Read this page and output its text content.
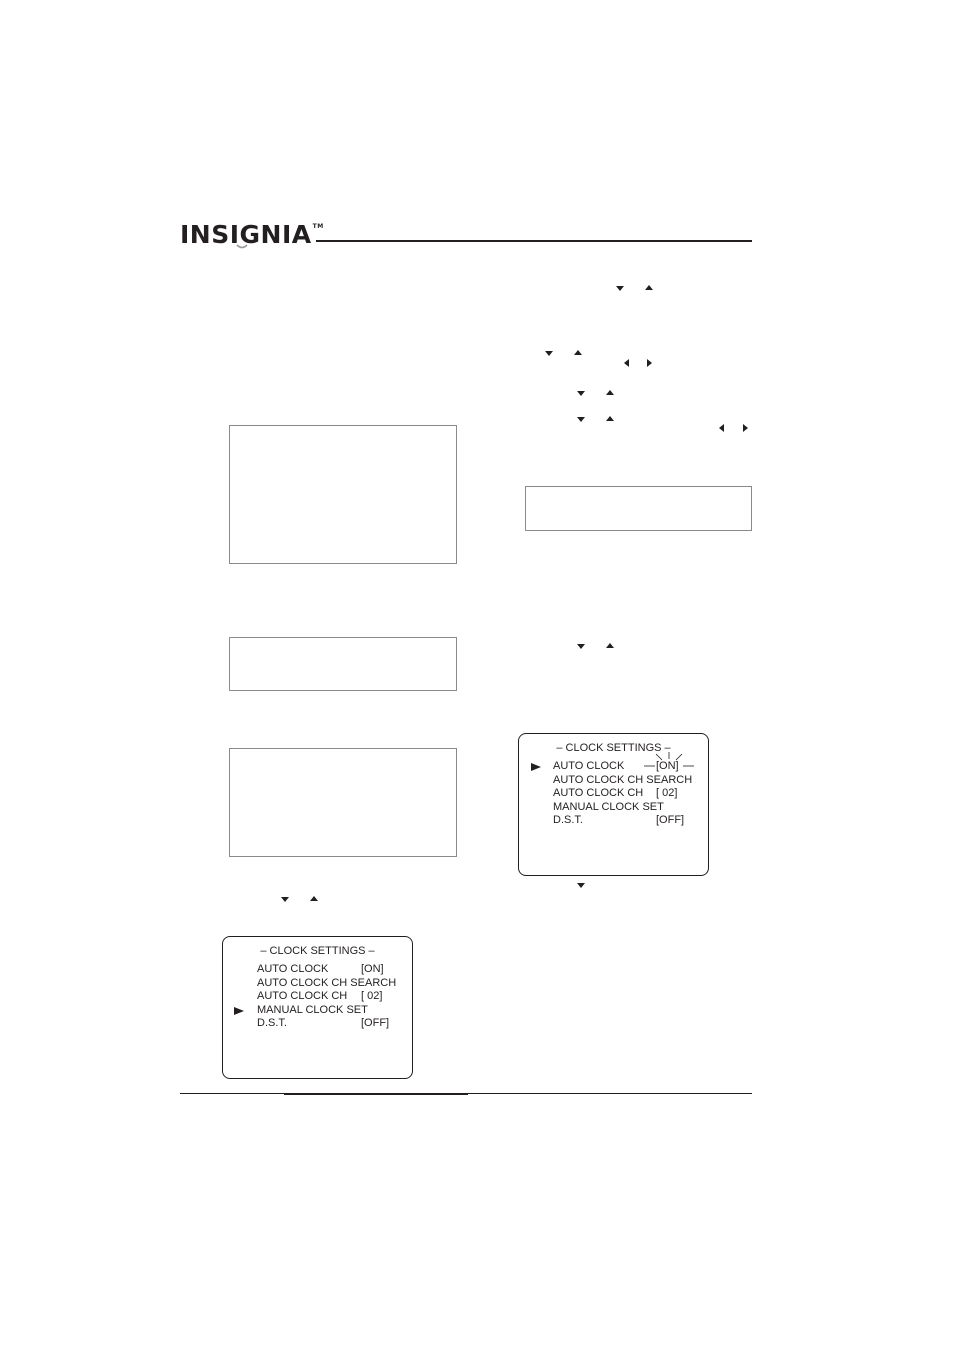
INSIGNIA™
– CLOCK SETTINGS –
AUTO CLOCK	[ON]
AUTO CLOCK CH SEARCH
AUTO CLOCK CH [ 02]
MANUAL CLOCK SET
D.S.T.	[OFF]
– CLOCK SETTINGS –
AUTO CLOCK	[ON]
AUTO CLOCK CH SEARCH
AUTO CLOCK CH [ 02]
MANUAL CLOCK SET
D.S.T.	[OFF]
